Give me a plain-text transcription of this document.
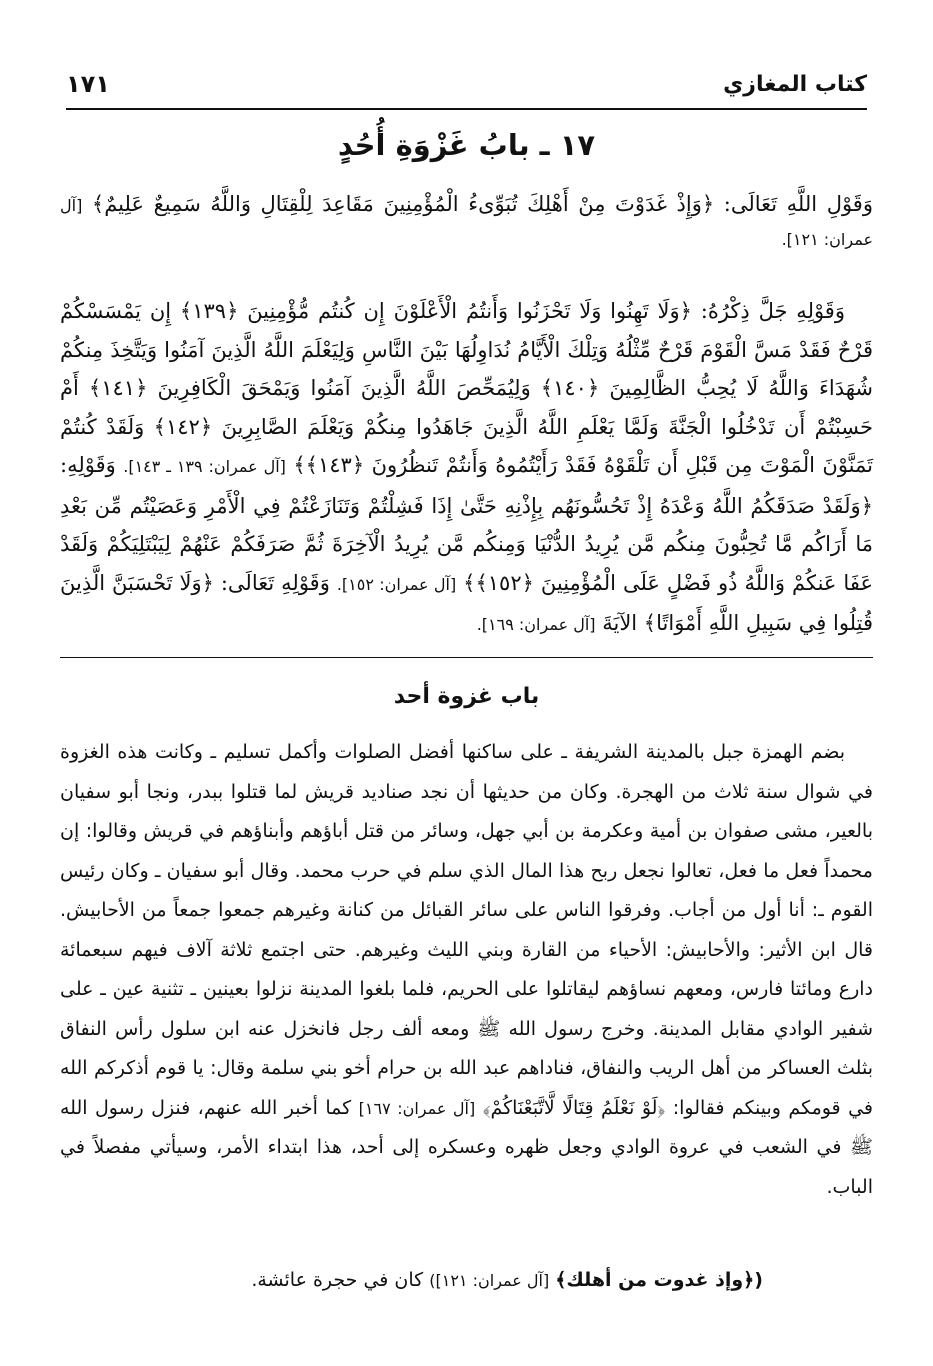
كتاب المغازي
١٧١
١٧ ـ بابُ غَزْوَةِ أُحُدٍ
وَقَوْلِ اللَّهِ تَعَالَى: ﴿وَإِذْ غَدَوْتَ مِنْ أَهْلِكَ تُبَوِّىءُ الْمُؤْمِنِينَ مَقَاعِدَ لِلْقِتَالِ وَاللَّهُ سَمِيعٌ عَلِيمٌ﴾ [آل عمران: ١٢١].
وَقَوْلِهِ جَلَّ ذِكْرُهُ: ﴿وَلَا تَهِنُوا وَلَا تَحْزَنُوا وَأَنتُمُ الْأَعْلَوْنَ إِن كُنتُم مُّؤْمِنِينَ ﴿١٣٩﴾ إِن يَمْسَسْكُمْ قَرْحٌ فَقَدْ مَسَّ الْقَوْمَ قَرْحٌ مِّثْلُهُ وَتِلْكَ الْأَيَّامُ نُدَاوِلُهَا بَيْنَ النَّاسِ وَلِيَعْلَمَ اللَّهُ الَّذِينَ آمَنُوا وَيَتَّخِذَ مِنكُمْ شُهَدَاءَ وَاللَّهُ لَا يُحِبُّ الظَّالِمِينَ ﴿١٤٠﴾ وَلِيُمَحِّصَ اللَّهُ الَّذِينَ آمَنُوا وَيَمْحَقَ الْكَافِرِينَ ﴿١٤١﴾ أَمْ حَسِبْتُمْ أَن تَدْخُلُوا الْجَنَّةَ وَلَمَّا يَعْلَمِ اللَّهُ الَّذِينَ جَاهَدُوا مِنكُمْ وَيَعْلَمَ الصَّابِرِينَ ﴿١٤٢﴾ وَلَقَدْ كُنتُمْ تَمَنَّوْنَ الْمَوْتَ مِن قَبْلِ أَن تَلْقَوْهُ فَقَدْ رَأَيْتُمُوهُ وَأَنتُمْ تَنظُرُونَ ﴿١٤٣﴾﴾ [آل عمران: ١٣٩ ـ ١٤٣]. وَقَوْلِهِ: ﴿وَلَقَدْ صَدَقَكُمُ اللَّهُ وَعْدَهُ إِذْ تَحُسُّونَهُم بِإِذْنِهِ حَتَّىٰ إِذَا فَشِلْتُمْ وَتَنَازَعْتُمْ فِي الْأَمْرِ وَعَصَيْتُم مِّن بَعْدِ مَا أَرَاكُم مَّا تُحِبُّونَ مِنكُم مَّن يُرِيدُ الدُّنْيَا وَمِنكُم مَّن يُرِيدُ الْآخِرَةَ ثُمَّ صَرَفَكُمْ عَنْهُمْ لِيَبْتَلِيَكُمْ وَلَقَدْ عَفَا عَنكُمْ وَاللَّهُ ذُو فَضْلٍ عَلَى الْمُؤْمِنِينَ ﴿١٥٢﴾﴾ [آل عمران: ١٥٢]. وَقَوْلِهِ تَعَالَى: ﴿وَلَا تَحْسَبَنَّ الَّذِينَ قُتِلُوا فِي سَبِيلِ اللَّهِ أَمْوَاتًا﴾ الآيَةَ [آل عمران: ١٦٩].
باب غزوة أحد
بضم الهمزة جبل بالمدينة الشريفة ـ على ساكنها أفضل الصلوات وأكمل تسليم ـ وكانت هذه الغزوة في شوال سنة ثلاث من الهجرة. وكان من حديثها أن نجد صناديد قريش لما قتلوا ببدر، ونجا أبو سفيان بالعير، مشى صفوان بن أمية وعكرمة بن أبي جهل، وسائر من قتل أباؤهم وأبناؤهم في قريش وقالوا: إن محمداً فعل ما فعل، تعالوا نجعل ربح هذا المال الذي سلم في حرب محمد. وقال أبو سفيان ـ وكان رئيس القوم ـ: أنا أول من أجاب. وفرقوا الناس على سائر القبائل من كنانة وغيرهم جمعوا جمعاً من الأحابيش. قال ابن الأثير: والأحابيش: الأحياء من القارة وبني الليث وغيرهم. حتى اجتمع ثلاثة آلاف فيهم سبعمائة دارع ومائتا فارس، ومعهم نساؤهم ليقاتلوا على الحريم، فلما بلغوا المدينة نزلوا بعينين ـ تثنية عين ـ على شفير الوادي مقابل المدينة. وخرج رسول الله ﷺ ومعه ألف رجل فانخزل عنه ابن سلول رأس النفاق بثلث العساكر من أهل الريب والنفاق، فناداهم عبد الله بن حرام أخو بني سلمة وقال: يا قوم أذكركم الله في قومكم وبينكم فقالوا: ﴿لَوْ نَعْلَمُ قِتَالًا لَّاتَّبَعْنَاكُمْ﴾ [آل عمران: ١٦٧] كما أخبر الله عنهم، فنزل رسول الله ﷺ في الشعب في عروة الوادي وجعل ظهره وعسكره إلى أحد، هذا ابتداء الأمر، وسيأتي مفصلاً في الباب.
(﴿وإذ غدوت من أهلك﴾ [آل عمران: ١٢١]) كان في حجرة عائشة.
